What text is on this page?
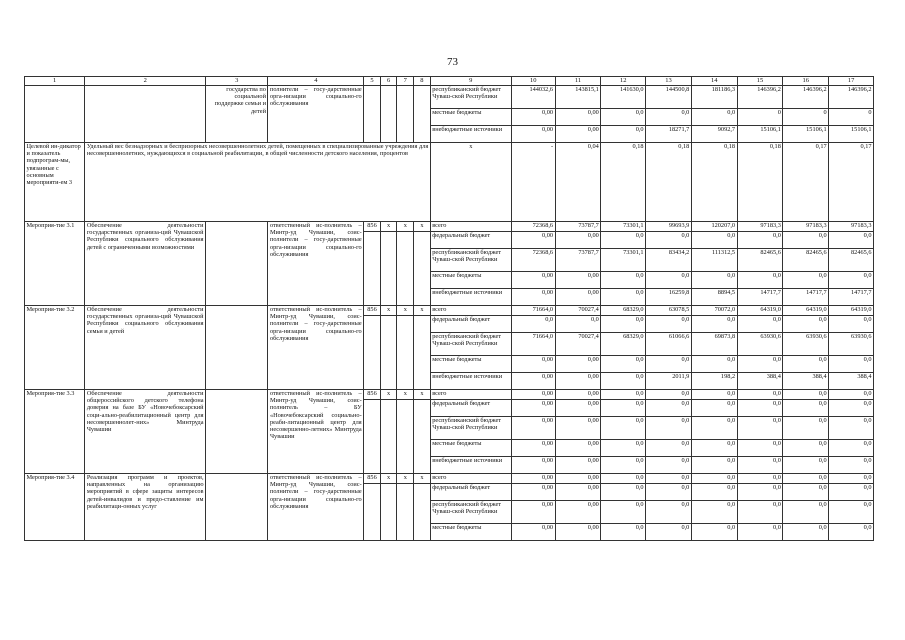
73
1	2	3	4	5	6	7	8	9	10	11	12	13	14	15	16	17
		государства по социальной поддержке семьи и детей	полнители – госу-дарственные орга-низации социально-го обслуживания					республиканский бюджет Чуваш-ской Республики	144032,6	143815,1	141630,0	144500,8	181186,3	146396,2	146396,2	146396,2
								местные бюджеты	0,00	0,00	0,0	0,0	0,0	0	0	0
								внебюджетные источники	0,00	0,00	0,0	18271,7	9092,7	15106,1	15106,1	15106,1
Целевой ин-дикатор и показатель подпрограм-мы, увязанные с основным мероприяти-ем 3	Удельный вес безнадзорных и беспризорных несовершеннолетних детей, помещенных в специализированные учреждения для несовершеннолетних, нуждающихся в социальной реабилитации, в общей численности детского населения, процентов							х	-	0,04	0,18	0,18	0,18	0,18	0,17	0,17
Мероприя-тие 3.1	Обеспечение деятельности государственных организа-ций Чувашской Республики социального обслуживания детей с ограниченными возможностями		ответственный ис-полнитель – Минтр-уд Чувашии, соис-полнители – госу-дарственные орга-низации социально-го обслуживания	856	х	х	х	всего	72368,6	73787,7	73301,1	99693,9	120207,0	97183,3	97183,3	97183,3
								федеральный бюджет	0,00	0,00	0,0	0,0	0,0	0,0	0,0	0,0
								республиканский бюджет Чуваш-ской Республики	72368,6	73787,7	73301,1	83434,2	111312,5	82465,6	82465,6	82465,6
								местные бюджеты	0,00	0,00	0,0	0,0	0,0	0,0	0,0	0,0
								внебюджетные источники	0,00	0,00	0,0	16259,8	8894,5	14717,7	14717,7	14717,7
Мероприя-тие 3.2	Обеспечение деятельности государственных организа-ций Чувашской Республики социального обслуживания семьи и детей		ответственный ис-полнитель – Минтр-уд Чувашии, соис-полнители – госу-дарственные орга-низации социально-го обслуживания	856	х	х	х	всего	71664,0	70027,4	68329,0	63078,5	70072,0	64319,0	64319,0	64319,0
								федеральный бюджет	0,0	0,0	0,0	0,0	0,0	0,0	0,0	0,0
								республиканский бюджет Чуваш-ской Республики	71664,0	70027,4	68329,0	61066,6	69873,8	63930,6	63930,6	63930,6
								местные бюджеты	0,00	0,00	0,0	0,0	0,0	0,0	0,0	0,0
								внебюджетные источники	0,00	0,00	0,0	2011,9	198,2	388,4	388,4	388,4
Мероприя-тие 3.3	Обеспечение деятельности общероссийского детского телефона доверия на базе БУ «Новочебоксарский соци-ально-реабилитационный центр для несовершеннолет-них» Минтруда Чувашии		ответственный ис-полнитель – Минтр-уд Чувашии, соис-полнитель – БУ «Новочебоксарский социально-реаби-литационный центр для несовершенно-летних» Минтруда Чувашии	856	х	х	х	всего	0,00	0,00	0,0	0,0	0,0	0,0	0,0	0,0
								федеральный бюджет	0,00	0,00	0,0	0,0	0,0	0,0	0,0	0,0
								республиканский бюджет Чуваш-ской Республики	0,00	0,00	0,0	0,0	0,0	0,0	0,0	0,0
								местные бюджеты	0,00	0,00	0,0	0,0	0,0	0,0	0,0	0,0
								внебюджетные источники	0,00	0,00	0,0	0,0	0,0	0,0	0,0	0,0
Мероприя-тие 3.4	Реализация программ и проектов, направленных на организацию мероприятий в сфере защиты интересов детей-инвалидов и предо-ставление им реабилитаци-онных услуг		ответственный ис-полнитель – Минтр-уд Чувашии, соис-полнители – госу-дарственные орга-низации социально-го обслуживания	856	х	х	х	всего	0,00	0,00	0,0	0,0	0,0	0,0	0,0	0,0
								федеральный бюджет	0,00	0,00	0,0	0,0	0,0	0,0	0,0	0,0
								республиканский бюджет Чуваш-ской Республики	0,00	0,00	0,0	0,0	0,0	0,0	0,0	0,0
								местные бюджеты	0,00	0,00	0,0	0,0	0,0	0,0	0,0	0,0
